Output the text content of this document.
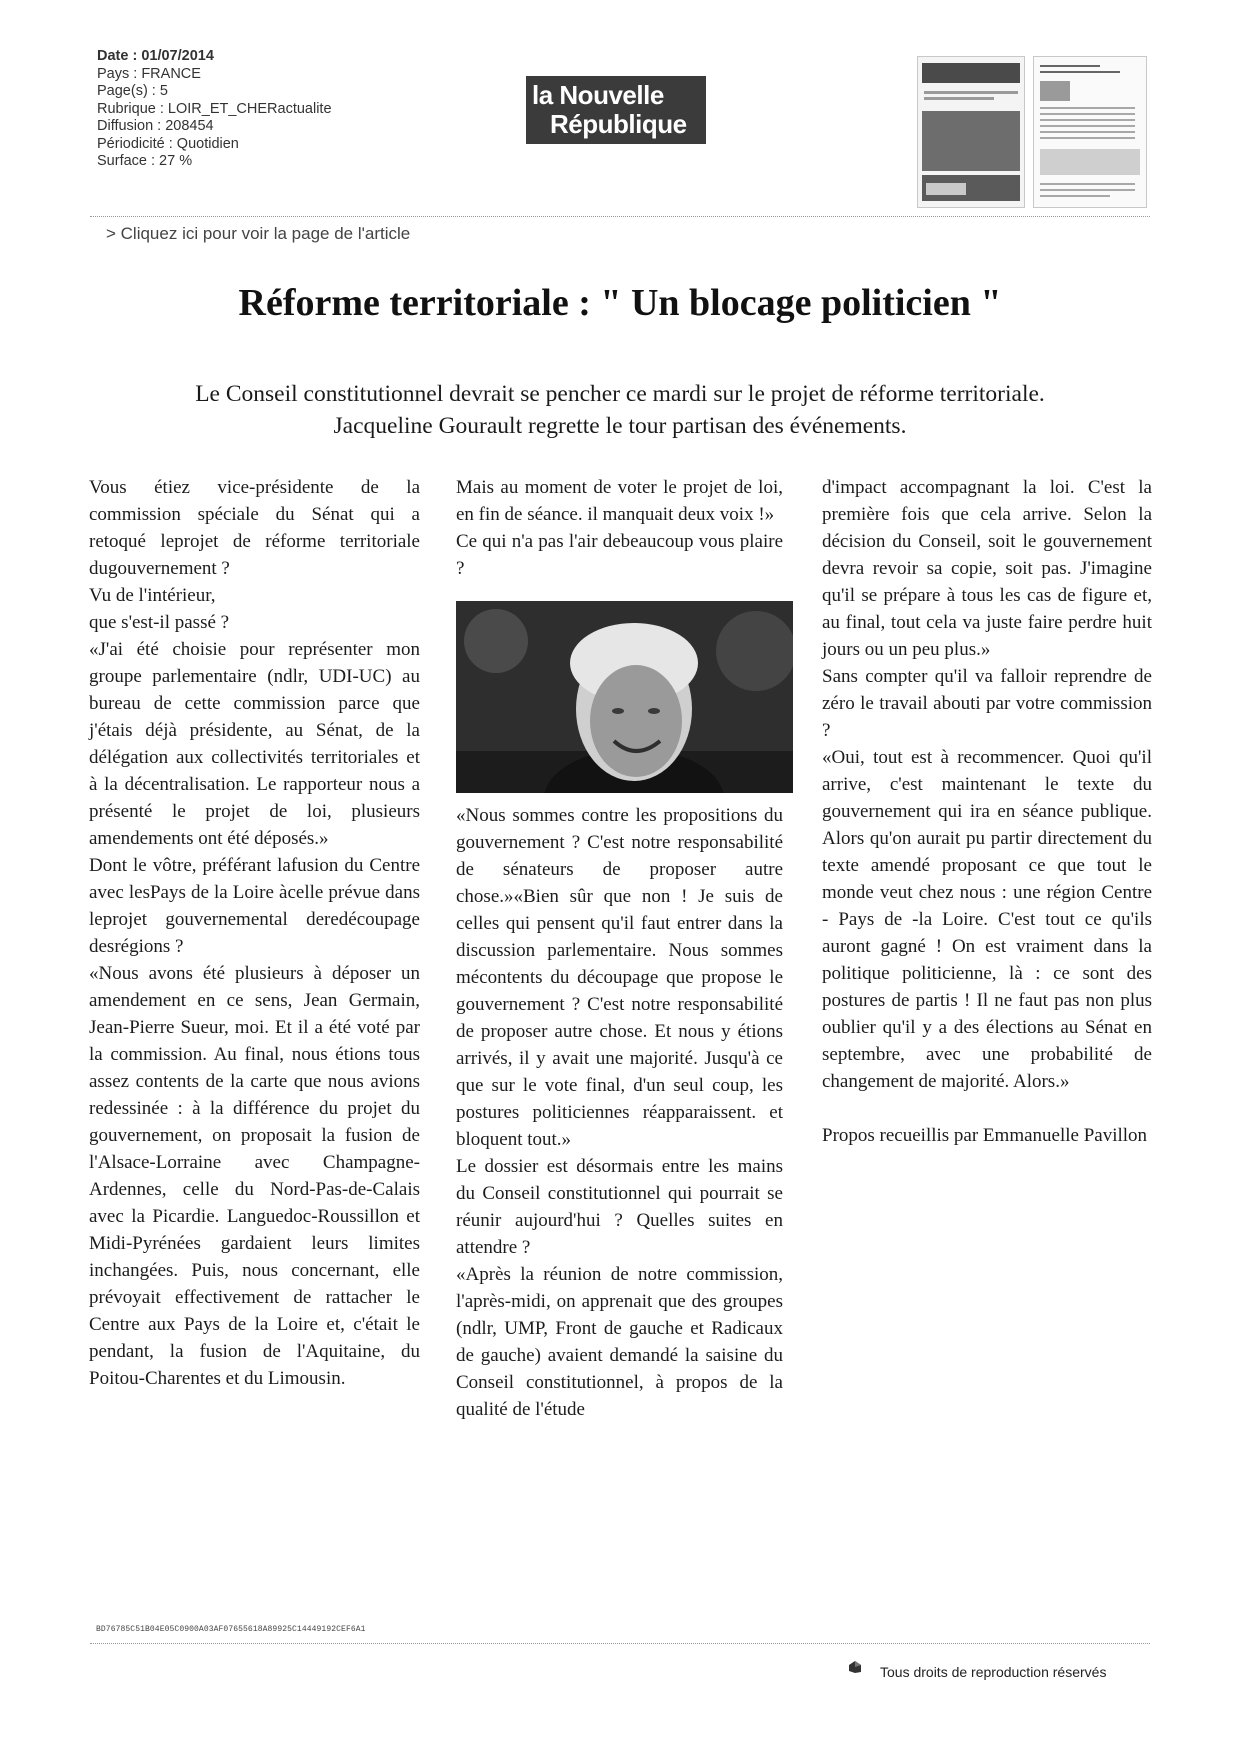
Date : 01/07/2014
Pays : FRANCE
Page(s) : 5
Rubrique : LOIR_ET_CHERactualite
Diffusion : 208454
Périodicité : Quotidien
Surface : 27 %
la Nouvelle
République
> Cliquez ici pour voir la page de l'article
Réforme territoriale : " Un blocage politicien "
Le Conseil constitutionnel devrait se pencher ce mardi sur le projet de réforme territoriale.
Jacqueline Gourault regrette le tour partisan des événements.

Vous étiez vice-présidente de la commission spéciale du Sénat qui a retoqué leprojet de réforme territoriale dugouvernement ?

Vu de l'intérieur,

que s'est-il passé ?

«J'ai été choisie pour représenter mon groupe parlementaire (ndlr, UDI-UC) au bureau de cette commission parce que j'étais déjà présidente, au Sénat, de la délégation aux collectivités territoriales et à la décentralisation. Le rapporteur nous a présenté le projet de loi, plusieurs amendements ont été déposés.»

Dont le vôtre, préférant lafusion du Centre avec lesPays de la Loire àcelle prévue dans leprojet gouvernemental deredécoupage desrégions ?

«Nous avons été plusieurs à déposer un amendement en ce sens, Jean Germain, Jean-Pierre Sueur, moi. Et il a été voté par la commission. Au final, nous étions tous assez contents de la carte que nous avions redessinée : à la différence du projet du gouvernement, on proposait la fusion de l'Alsace-Lorraine avec Champagne-Ardennes, celle du Nord-Pas-de-Calais avec la Picardie. Languedoc-Roussillon et Midi-Pyrénées gardaient leurs limites inchangées. Puis, nous concernant, elle prévoyait effectivement de rattacher le Centre aux Pays de la Loire et, c'était le pendant, la fusion de l'Aquitaine, du Poitou-Charentes et du Limousin.

Mais au moment de voter le projet de loi, en fin de séance. il manquait deux voix !»

Ce qui n'a pas l'air debeaucoup vous plaire ?

«Nous sommes contre les propositions du gouvernement ? C'est notre responsabilité de sénateurs de proposer autre chose.»«Bien sûr que non ! Je suis de celles qui pensent qu'il faut entrer dans la discussion parlementaire. Nous sommes mécontents du découpage que propose le gouvernement ? C'est notre responsabilité de proposer autre chose. Et nous y étions arrivés, il y avait une majorité. Jusqu'à ce que sur le vote final, d'un seul coup, les postures politiciennes réapparaissent. et bloquent tout.»

Le dossier est désormais entre les mains du Conseil constitutionnel qui pourrait se réunir aujourd'hui ? Quelles suites en attendre ?

«Après la réunion de notre commission, l'après-midi, on apprenait que des groupes (ndlr, UMP, Front de gauche et Radicaux de gauche) avaient demandé la saisine du Conseil constitutionnel, à propos de la qualité de l'étude

d'impact accompagnant la loi. C'est la première fois que cela arrive. Selon la décision du Conseil, soit le gouvernement devra revoir sa copie, soit pas. J'imagine qu'il se prépare à tous les cas de figure et, au final, tout cela va juste faire perdre huit jours ou un peu plus.»

Sans compter qu'il va falloir reprendre de zéro le travail abouti par votre commission ?

«Oui, tout est à recommencer. Quoi qu'il arrive, c'est maintenant le texte du gouvernement qui ira en séance publique. Alors qu'on aurait pu partir directement du texte amendé proposant ce que tout le monde veut chez nous : une région Centre - Pays de -la Loire. C'est tout ce qu'ils auront gagné ! On est vraiment dans la politique politicienne, là : ce sont des postures de partis ! Il ne faut pas non plus oublier qu'il y a des élections au Sénat en septembre, avec une probabilité de changement de majorité. Alors.»

Propos recueillis par Emmanuelle Pavillon

BD76785C51B04E05C0900A03AF07655618A89925C14449192CEF6A1
Tous droits de reproduction réservés
